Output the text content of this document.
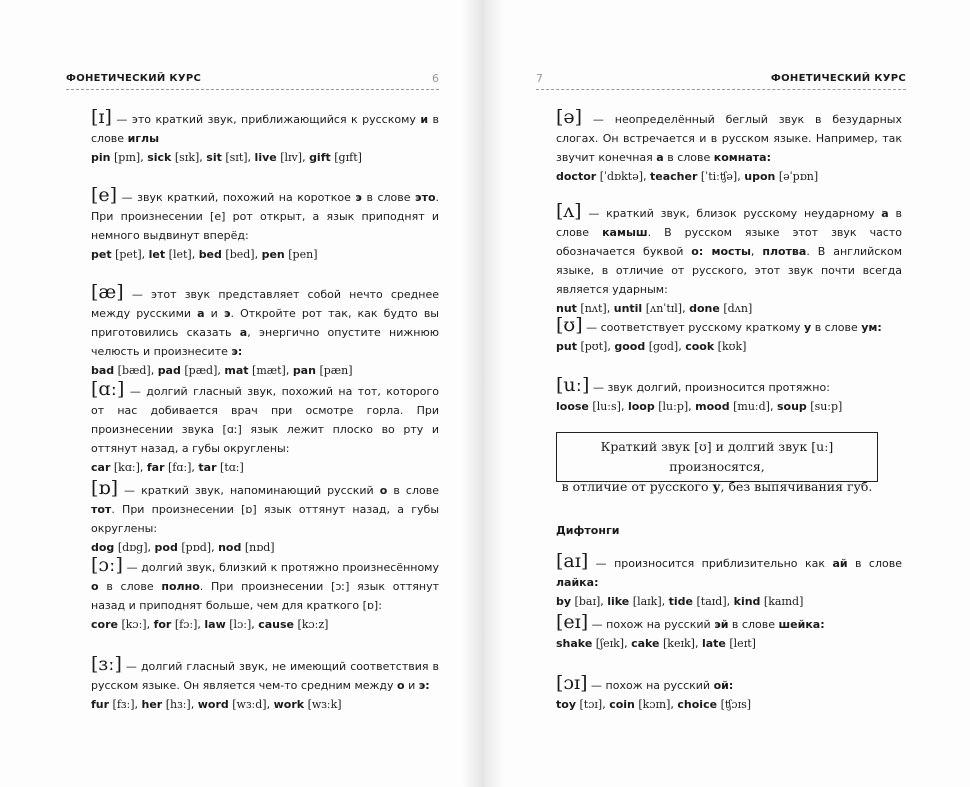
ФОНЕТИЧЕСКИЙ КУРС	6

[ɪ] — это краткий звук, приближающийся к русскому и в слове иглы

pin [pɪn], sick [sɪk], sit [sɪt], live [lɪv], gift [gɪft]

[e] — звук краткий, похожий на короткое э в слове это. При произнесении [e] рот открыт, а язык приподнят и немного выдвинут вперёд:

pet [pet], let [let], bed [bed], pen [pen]

[æ] — этот звук представляет собой нечто среднее между русскими а и э. Откройте рот так, как будто вы приготовились сказать а, энергично опустите нижнюю челюсть и произнесите э:

bad [bæd], pad [pæd], mat [mæt], pan [pæn]

[ɑː] — долгий гласный звук, похожий на тот, которого от нас добивается врач при осмотре горла. При произнесении звука [ɑː] язык лежит плоско во рту и оттянут назад, а губы округлены:

car [kɑː], far [fɑː], tar [tɑː]

[ɒ] — краткий звук, напоминающий русский о в слове тот. При произнесении [ɒ] язык оттянут назад, а губы округлены:

dog [dɒg], pod [pɒd], nod [nɒd]

[ɔː] — долгий звук, близкий к протяжно произнесённому о в слове полно. При произнесении [ɔː] язык оттянут назад и приподнят больше, чем для краткого [ɒ]:

core [kɔː], for [fɔː], law [lɔː], cause [kɔːz]

[ɜː] — долгий гласный звук, не имеющий соответствия в русском языке. Он является чем-то средним между о и э:

fur [fɜː], her [hɜː], word [wɜːd], work [wɜːk]

7	ФОНЕТИЧЕСКИЙ КУРС

[ə] — неопределённый беглый звук в безударных слогах. Он встречается и в русском языке. Например, так звучит конечная а в слове комната:

doctor [ˈdɒktə], teacher [ˈtiːʧə], upon [əˈpɒn]

[ʌ] — краткий звук, близок русскому неударному а в слове камыш. В русском языке этот звук часто обозначается буквой о: мосты, плотва. В английском языке, в отличие от русского, этот звук почти всегда является ударным:

nut [nʌt], until [ʌnˈtɪl], done [dʌn]

[ʊ] — соответствует русскому краткому у в слове ум:

put [pʊt], good [gʊd], cook [kʊk]

[uː] — звук долгий, произносится протяжно:

loose [luːs], loop [luːp], mood [muːd], soup [suːp]

[aɪ] — произносится приблизительно как ай в слове лайка:

by [baɪ], like [laɪk], tide [taɪd], kind [kaɪnd]

[eɪ] — похож на русский эй в слове шейка:

shake [ʃeɪk], cake [keɪk], late [leɪt]

[ɔɪ] — похож на русский ой:

toy [tɔɪ], coin [kɔɪn], choice [ʧɔɪs]

Краткий звук [ʊ] и долгий звук [uː] произносятся,
в отличие от русского у, без выпячивания губ.
Дифтонги
